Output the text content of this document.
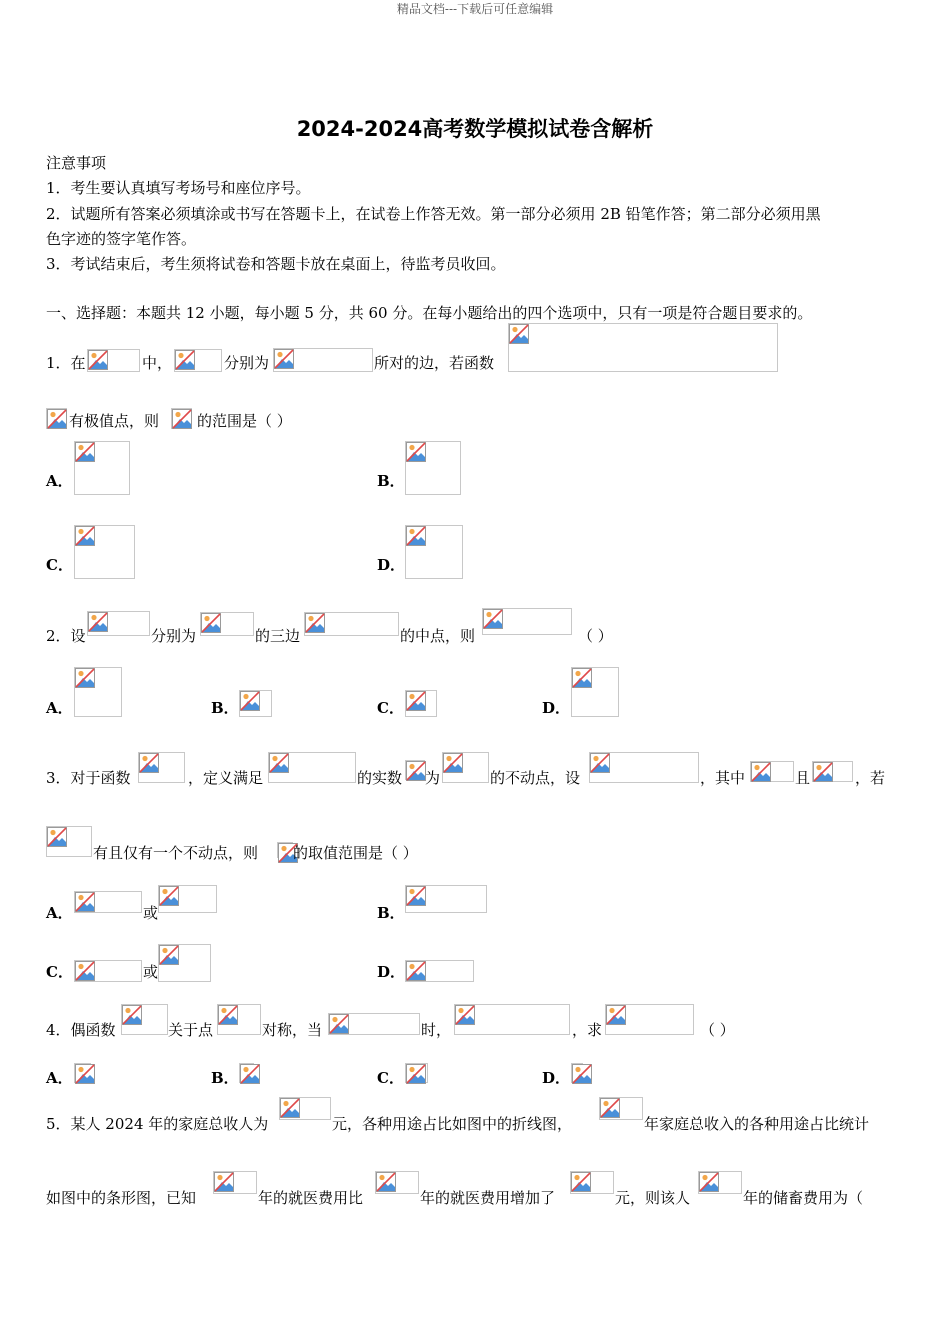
精品文档---下载后可任意编辑
2024-2024高考数学模拟试卷含解析
注意事项
1．考生要认真填写考场号和座位序号。
2．试题所有答案必须填涂或书写在答题卡上，在试卷上作答无效。第一部分必须用 2B 铅笔作答；第二部分必须用黑
色字迹的签字笔作答。
3．考试结束后，考生须将试卷和答题卡放在桌面上，待监考员收回。
一、选择题：本题共 12 小题，每小题 5 分，共 60 分。在每小题给出的四个选项中，只有一项是符合题目要求的。
1．在	中，	分别为	所对的边，若函数
有极值点，则	的范围是（ ）
A．	B．
C．	D．
2．设	分别为	的三边	的中点，则	（ ）
A．	B．	C．	D．
3．对于函数	，定义满足	的实数 为	的不动点，设	，其中	且	，若
有且仅有一个不动点，则 的取值范围是（ ）
A．	或	B．
C．	或	D．
4．偶函数	关于点	对称，当	时，	，求	（ ）
A．	B．	C．	D．
5．某人 2024 年的家庭总收人为	元，各种用途占比如图中的折线图，	年家庭总收入的各种用途占比统计
如图中的条形图，已知	年的就医费用比	年的就医费用增加了	元，则该人	年的储畜费用为（
